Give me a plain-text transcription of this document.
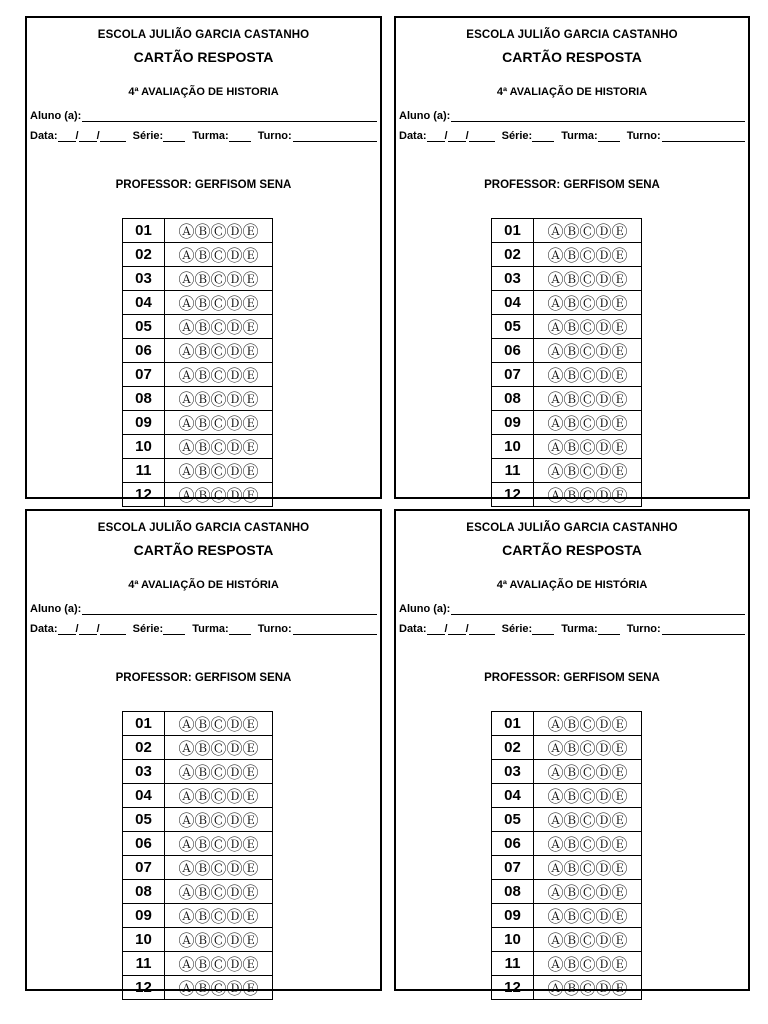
ESCOLA JULIÃO GARCIA CASTANHO
CARTÃO RESPOSTA
4ª AVALIAÇÃO DE HISTORIA
Aluno (a):
Data: / /	Série:	Turma:	Turno:
PROFESSOR: GERFISOM SENA
01	ⒶⒷⒸⒹⒺ
02	ⒶⒷⒸⒹⒺ
03	ⒶⒷⒸⒹⒺ
04	ⒶⒷⒸⒹⒺ
05	ⒶⒷⒸⒹⒺ
06	ⒶⒷⒸⒹⒺ
07	ⒶⒷⒸⒹⒺ
08	ⒶⒷⒸⒹⒺ
09	ⒶⒷⒸⒹⒺ
10	ⒶⒷⒸⒹⒺ
11	ⒶⒷⒸⒹⒺ
12	ⒶⒷⒸⒹⒺ
ESCOLA JULIÃO GARCIA CASTANHO
CARTÃO RESPOSTA
4ª AVALIAÇÃO DE HISTORIA
Aluno (a):
Data: / /	Série:	Turma:	Turno:
PROFESSOR: GERFISOM SENA
01	ⒶⒷⒸⒹⒺ
02	ⒶⒷⒸⒹⒺ
03	ⒶⒷⒸⒹⒺ
04	ⒶⒷⒸⒹⒺ
05	ⒶⒷⒸⒹⒺ
06	ⒶⒷⒸⒹⒺ
07	ⒶⒷⒸⒹⒺ
08	ⒶⒷⒸⒹⒺ
09	ⒶⒷⒸⒹⒺ
10	ⒶⒷⒸⒹⒺ
11	ⒶⒷⒸⒹⒺ
12	ⒶⒷⒸⒹⒺ
ESCOLA JULIÃO GARCIA CASTANHO
CARTÃO RESPOSTA
4ª AVALIAÇÃO DE HISTÓRIA
Aluno (a):
Data: / /	Série:	Turma:	Turno:
PROFESSOR: GERFISOM SENA
01	ⒶⒷⒸⒹⒺ
02	ⒶⒷⒸⒹⒺ
03	ⒶⒷⒸⒹⒺ
04	ⒶⒷⒸⒹⒺ
05	ⒶⒷⒸⒹⒺ
06	ⒶⒷⒸⒹⒺ
07	ⒶⒷⒸⒹⒺ
08	ⒶⒷⒸⒹⒺ
09	ⒶⒷⒸⒹⒺ
10	ⒶⒷⒸⒹⒺ
11	ⒶⒷⒸⒹⒺ
12	ⒶⒷⒸⒹⒺ
ESCOLA JULIÃO GARCIA CASTANHO
CARTÃO RESPOSTA
4ª AVALIAÇÃO DE HISTÓRIA
Aluno (a):
Data: / /	Série:	Turma:	Turno:
PROFESSOR: GERFISOM SENA
01	ⒶⒷⒸⒹⒺ
02	ⒶⒷⒸⒹⒺ
03	ⒶⒷⒸⒹⒺ
04	ⒶⒷⒸⒹⒺ
05	ⒶⒷⒸⒹⒺ
06	ⒶⒷⒸⒹⒺ
07	ⒶⒷⒸⒹⒺ
08	ⒶⒷⒸⒹⒺ
09	ⒶⒷⒸⒹⒺ
10	ⒶⒷⒸⒹⒺ
11	ⒶⒷⒸⒹⒺ
12	ⒶⒷⒸⒹⒺ
